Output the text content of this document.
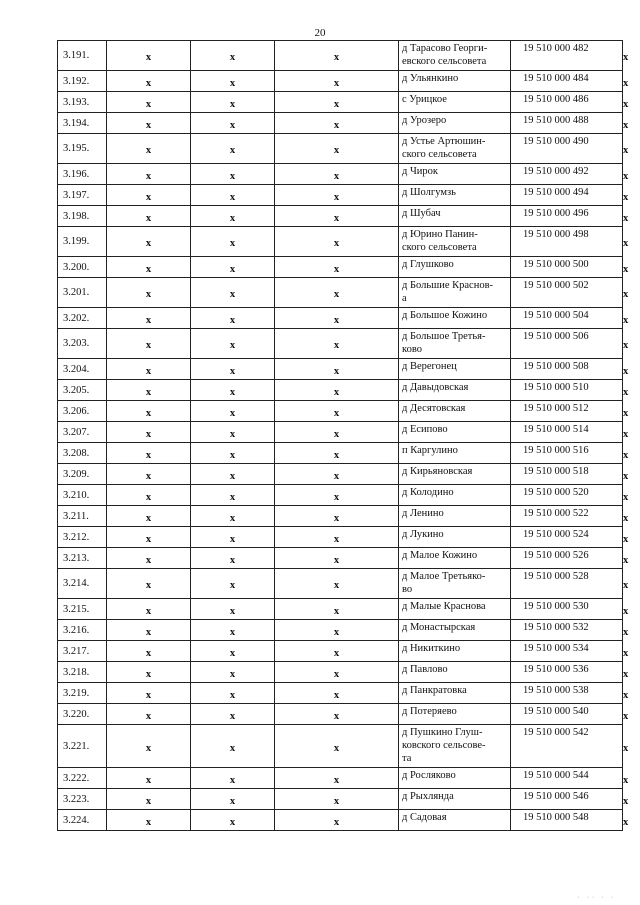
20
3.191.	x	x	x	д Тарасово Георги-
евского сельсовета	19 510 000 482	x
3.192.	x	x	x	д Ульянкино	19 510 000 484	x
3.193.	x	x	x	с Урицкое	19 510 000 486	x
3.194.	x	x	x	д Урозеро	19 510 000 488	x
3.195.	x	x	x	д Устье Артюшин-
ского сельсовета	19 510 000 490	x
3.196.	x	x	x	д Чирок	19 510 000 492	x
3.197.	x	x	x	д Шолгумзь	19 510 000 494	x
3.198.	x	x	x	д Шубач	19 510 000 496	x
3.199.	x	x	x	д Юрино Панин-
ского сельсовета	19 510 000 498	x
3.200.	x	x	x	д Глушково	19 510 000 500	x
3.201.	x	x	x	д Большие Краснов-
а	19 510 000 502	x
3.202.	x	x	x	д Большое Кожино	19 510 000 504	x
3.203.	x	x	x	д Большое Третья-
ково	19 510 000 506	x
3.204.	x	x	x	д Верегонец	19 510 000 508	x
3.205.	x	x	x	д Давыдовская	19 510 000 510	x
3.206.	x	x	x	д Десятовская	19 510 000 512	x
3.207.	x	x	x	д Есипово	19 510 000 514	x
3.208.	x	x	x	п Каргулино	19 510 000 516	x
3.209.	x	x	x	д Кирьяновская	19 510 000 518	x
3.210.	x	x	x	д Колодино	19 510 000 520	x
3.211.	x	x	x	д Ленино	19 510 000 522	x
3.212.	x	x	x	д Лукино	19 510 000 524	x
3.213.	x	x	x	д Малое Кожино	19 510 000 526	x
3.214.	x	x	x	д Малое Третьяко-
во	19 510 000 528	x
3.215.	x	x	x	д Малые Краснова	19 510 000 530	x
3.216.	x	x	x	д Монастырская	19 510 000 532	x
3.217.	x	x	x	д Никиткино	19 510 000 534	x
3.218.	x	x	x	д Павлово	19 510 000 536	x
3.219.	x	x	x	д Панкратовка	19 510 000 538	x
3.220.	x	x	x	д Потеряево	19 510 000 540	x
3.221.	x	x	x	д Пушкино Глуш-
ковского сельсове-
та	19 510 000 542	x
3.222.	x	x	x	д Росляково	19 510 000 544	x
3.223.	x	x	x	д Рыхлянда	19 510 000 546	x
3.224.	x	x	x	д Садовая	19 510 000 548	x
· ·· · ·
